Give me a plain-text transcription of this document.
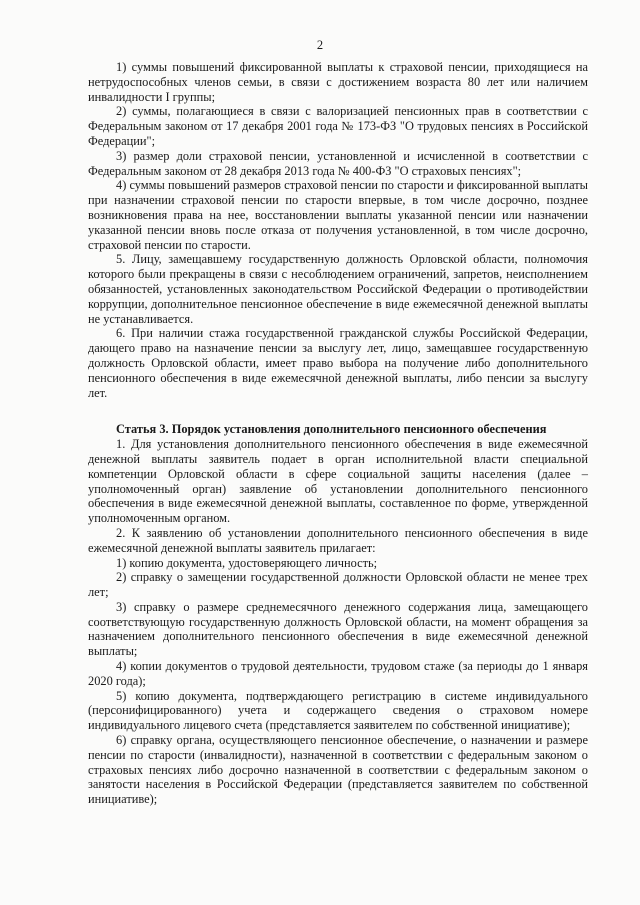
2

1) суммы повышений фиксированной выплаты к страховой пенсии, приходящиеся на нетрудоспособных членов семьи, в связи с достижением возраста 80 лет или наличием инвалидности I группы;

2) суммы, полагающиеся в связи с валоризацией пенсионных прав в соответствии с Федеральным законом от 17 декабря 2001 года № 173-ФЗ "О трудовых пенсиях в Российской Федерации";

3) размер доли страховой пенсии, установленной и исчисленной в соответствии с Федеральным законом от 28 декабря 2013 года № 400-ФЗ "О страховых пенсиях";

4) суммы повышений размеров страховой пенсии по старости и фиксированной выплаты при назначении страховой пенсии по старости впервые, в том числе досрочно, позднее возникновения права на нее, восстановлении выплаты указанной пенсии или назначении указанной пенсии вновь после отказа от получения установленной, в том числе досрочно, страховой пенсии по старости.

5. Лицу, замещавшему государственную должность Орловской области, полномочия которого были прекращены в связи с несоблюдением ограничений, запретов, неисполнением обязанностей, установленных законодательством Российской Федерации о противодействии коррупции, дополнительное пенсионное обеспечение в виде ежемесячной денежной выплаты не устанавливается.

6. При наличии стажа государственной гражданской службы Российской Федерации, дающего право на назначение пенсии за выслугу лет, лицо, замещавшее государственную должность Орловской области, имеет право выбора на получение либо дополнительного пенсионного обеспечения в виде ежемесячной денежной выплаты, либо пенсии за выслугу лет.

Статья 3. Порядок установления дополнительного пенсионного обеспечения

1. Для установления дополнительного пенсионного обеспечения в виде ежемесячной денежной выплаты заявитель подает в орган исполнительной власти специальной компетенции Орловской области в сфере социальной защиты населения (далее – уполномоченный орган) заявление об установлении дополнительного пенсионного обеспечения в виде ежемесячной денежной выплаты, составленное по форме, утвержденной уполномоченным органом.

2. К заявлению об установлении дополнительного пенсионного обеспечения в виде ежемесячной денежной выплаты заявитель прилагает:

1) копию документа, удостоверяющего личность;

2) справку о замещении государственной должности Орловской области не менее трех лет;

3) справку о размере среднемесячного денежного содержания лица, замещающего соответствующую государственную должность Орловской области, на момент обращения за назначением дополнительного пенсионного обеспечения в виде ежемесячной денежной выплаты;

4) копии документов о трудовой деятельности, трудовом стаже (за периоды до 1 января 2020 года);

5) копию документа, подтверждающего регистрацию в системе индивидуального (персонифицированного) учета и содержащего сведения о страховом номере индивидуального лицевого счета (представляется заявителем по собственной инициативе);

6) справку органа, осуществляющего пенсионное обеспечение, о назначении и размере пенсии по старости (инвалидности), назначенной в соответствии с федеральным законом о страховых пенсиях либо досрочно назначенной в соответствии с федеральным законом о занятости населения в Российской Федерации (представляется заявителем по собственной инициативе);
